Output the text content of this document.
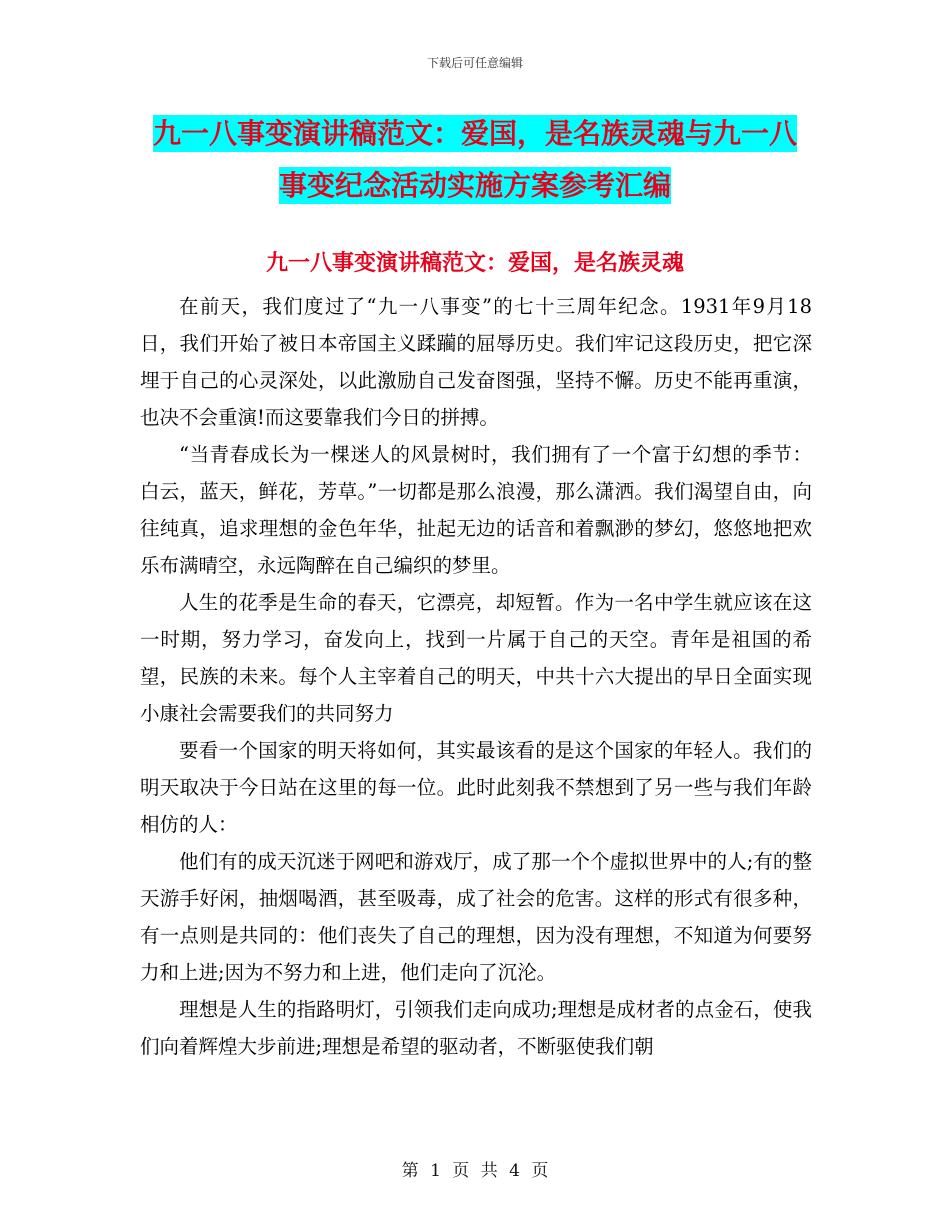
下载后可任意编辑
九一八事变演讲稿范文：爱国，是名族灵魂与九一八
事变纪念活动实施方案参考汇编
九一八事变演讲稿范文：爱国，是名族灵魂

在前天，我们度过了“九一八事变”的七十三周年纪念。1931年9月18日，我们开始了被日本帝国主义蹂躏的屈辱历史。我们牢记这段历史，把它深埋于自己的心灵深处，以此激励自己发奋图强，坚持不懈。历史不能再重演，也决不会重演!而这要靠我们今日的拼搏。

“当青春成长为一棵迷人的风景树时，我们拥有了一个富于幻想的季节：白云，蓝天，鲜花，芳草。”一切都是那么浪漫，那么潇洒。我们渴望自由，向往纯真，追求理想的金色年华，扯起无边的话音和着飘渺的梦幻，悠悠地把欢乐布满晴空，永远陶醉在自己编织的梦里。

人生的花季是生命的春天，它漂亮，却短暂。作为一名中学生就应该在这一时期，努力学习，奋发向上，找到一片属于自己的天空。青年是祖国的希望，民族的未来。每个人主宰着自己的明天，中共十六大提出的早日全面实现小康社会需要我们的共同努力

要看一个国家的明天将如何，其实最该看的是这个国家的年轻人。我们的明天取决于今日站在这里的每一位。此时此刻我不禁想到了另一些与我们年龄相仿的人：

他们有的成天沉迷于网吧和游戏厅，成了那一个个虚拟世界中的人;有的整天游手好闲，抽烟喝酒，甚至吸毒，成了社会的危害。这样的形式有很多种，有一点则是共同的：他们丧失了自己的理想，因为没有理想，不知道为何要努力和上进;因为不努力和上进，他们走向了沉沦。

理想是人生的指路明灯，引领我们走向成功;理想是成材者的点金石，使我们向着辉煌大步前进;理想是希望的驱动者，不断驱使我们朝

第 1 页 共 4 页
